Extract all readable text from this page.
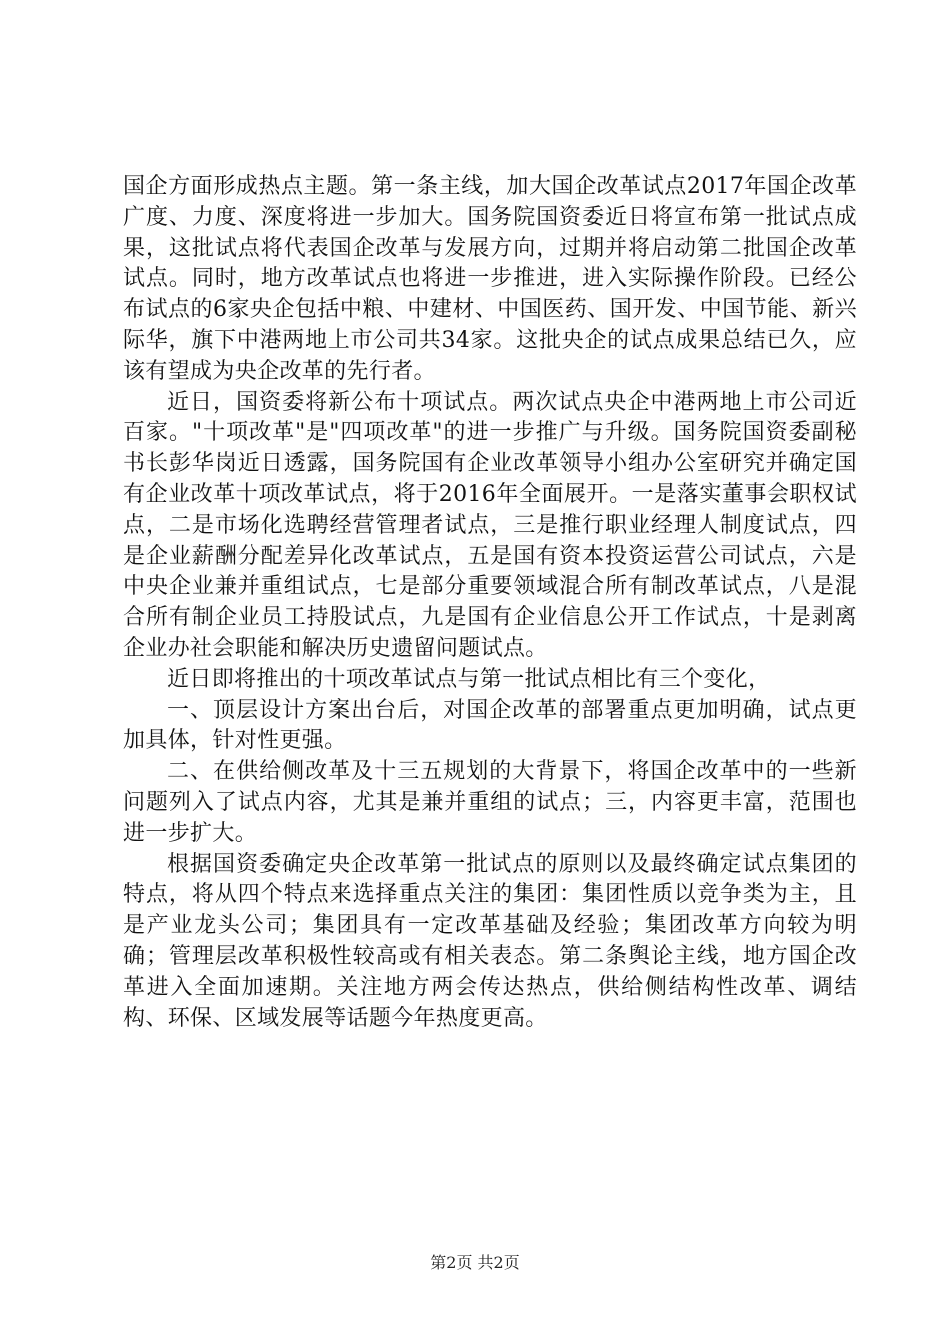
国企方面形成热点主题。第一条主线，加大国企改革试点2017年国企改革广度、力度、深度将进一步加大。国务院国资委近日将宣布第一批试点成果，这批试点将代表国企改革与发展方向，过期并将启动第二批国企改革试点。同时，地方改革试点也将进一步推进，进入实际操作阶段。已经公布试点的6家央企包括中粮、中建材、中国医药、国开发、中国节能、新兴际华，旗下中港两地上市公司共34家。这批央企的试点成果总结已久，应该有望成为央企改革的先行者。

近日，国资委将新公布十项试点。两次试点央企中港两地上市公司近百家。"十项改革"是"四项改革"的进一步推广与升级。国务院国资委副秘书长彭华岗近日透露，国务院国有企业改革领导小组办公室研究并确定国有企业改革十项改革试点，将于2016年全面展开。一是落实董事会职权试点，二是市场化选聘经营管理者试点，三是推行职业经理人制度试点，四是企业薪酬分配差异化改革试点，五是国有资本投资运营公司试点，六是中央企业兼并重组试点，七是部分重要领域混合所有制改革试点，八是混合所有制企业员工持股试点，九是国有企业信息公开工作试点，十是剥离企业办社会职能和解决历史遗留问题试点。

近日即将推出的十项改革试点与第一批试点相比有三个变化，

一、顶层设计方案出台后，对国企改革的部署重点更加明确，试点更加具体，针对性更强。

二、在供给侧改革及十三五规划的大背景下，将国企改革中的一些新问题列入了试点内容，尤其是兼并重组的试点；三，内容更丰富，范围也进一步扩大。

根据国资委确定央企改革第一批试点的原则以及最终确定试点集团的特点，将从四个特点来选择重点关注的集团：集团性质以竞争类为主，且是产业龙头公司；集团具有一定改革基础及经验；集团改革方向较为明确；管理层改革积极性较高或有相关表态。第二条舆论主线，地方国企改革进入全面加速期。关注地方两会传达热点，供给侧结构性改革、调结构、环保、区域发展等话题今年热度更高。

第2页 共2页
